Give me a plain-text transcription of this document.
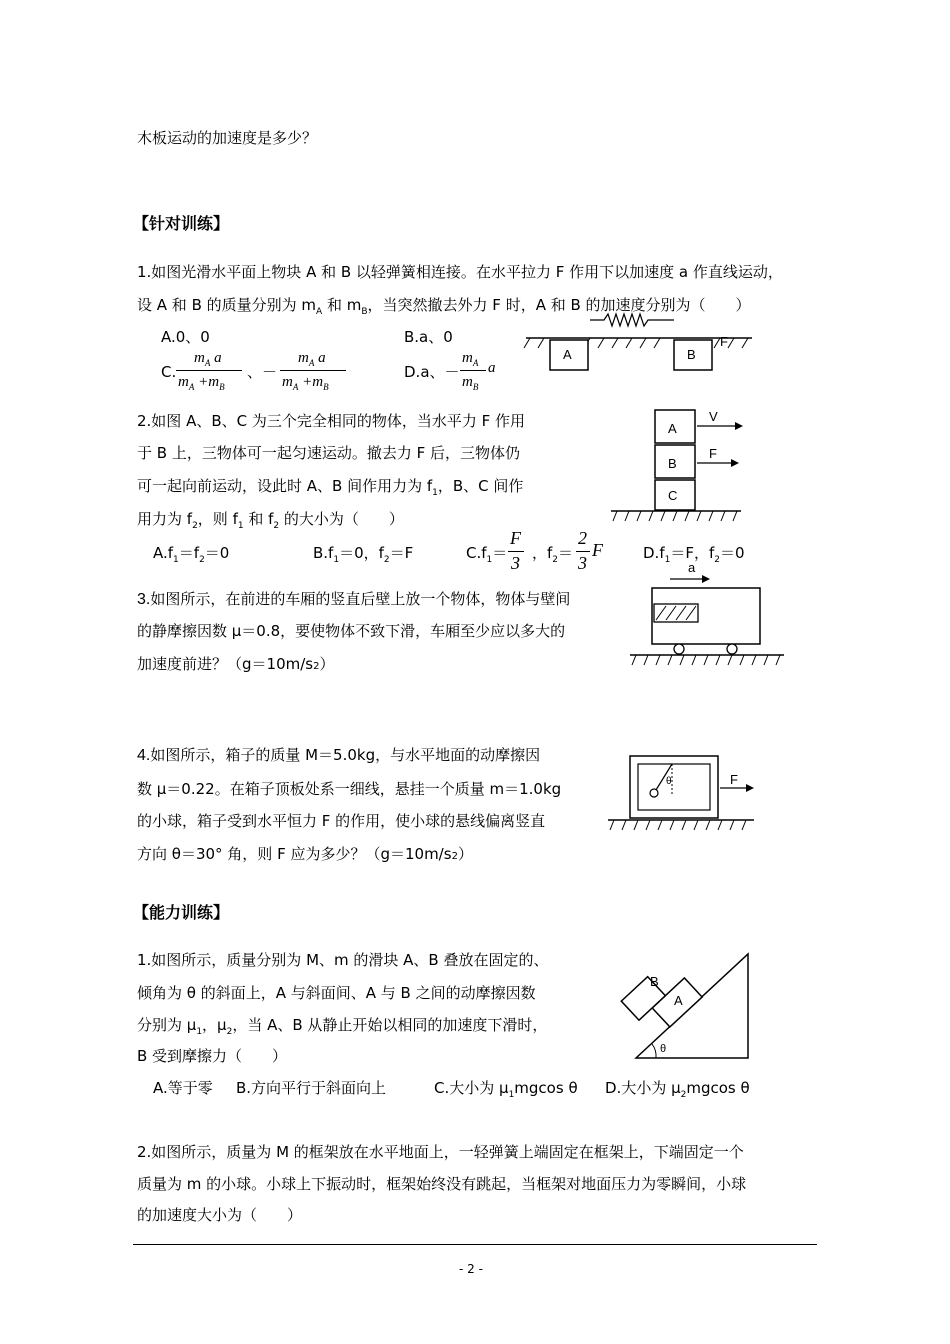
木板运动的加速度是多少？
【针对训练】
1.如图光滑水平面上物块 A 和 B 以轻弹簧相连接。在水平拉力 F 作用下以加速度 a 作直线运动，
设 A 和 B 的质量分别为 $m_A$ 和 $m_B$，当突然撤去外力 F 时，A 和 B 的加速度分别为（　　）
A.0、0	B.a、0
C.
$m_A$ a
$m_A +m_B$
、－
$m_A$ a
$m_A +m_B$
D.a、－
$m_A$ a
$m_B$
A	B
F
2.如图 A、B、C 为三个完全相同的物体，当水平力 F 作用
于 B 上，三物体可一起匀速运动。撤去力 F 后，三物体仍
可一起向前运动，设此时 A、B 间作用力为 $f_1$，B、C 间作
用力为 $f_2$，则 $f_1$ 和 $f_2$ 的大小为（　　）
$A.f_1=f_2=0$	$B.f_1=0$，$f_2=F$	$C.f_1=$
F
3 ，$f_2=$
2
3
F	$D.f_1=F$，$f_2=0$
A
B
C
V
F
3.如图所示，在前进的车厢的竖直后壁上放一个物体，物体与壁间
的静摩擦因数 μ＝0.8，要使物体不致下滑，车厢至少应以多大的
加速度前进？（g＝10m/s2）
a
4.如图所示，箱子的质量 M＝5.0kg，与水平地面的动摩擦因
数 μ＝0.22。在箱子顶板处系一细线，悬挂一个质量 m＝1.0kg
的小球，箱子受到水平恒力 F 的作用，使小球的悬线偏离竖直
方向 θ＝30° 角，则 F 应为多少？（g＝10m/s2）
θ	F
【能力训练】
1.如图所示，质量分别为 M、m 的滑块 A、B 叠放在固定的、
倾角为 θ 的斜面上，A 与斜面间、A 与 B 之间的动摩擦因数
分别为 $\mu_1$，$\mu_2$，当 A、B 从静止开始以相同的加速度下滑时，
B 受到摩擦力（　　）
A.等于零 B.方向平行于斜面向上	C.大小为 $\mu_1mgcos$ θ D.大小为 $\mu_2mgcos$ θ
A
B
θ
2.如图所示，质量为 M 的框架放在水平地面上，一轻弹簧上端固定在框架上，下端固定一个
质量为 m 的小球。小球上下振动时，框架始终没有跳起，当框架对地面压力为零瞬间，小球
的加速度大小为（　　）
- 2 -
